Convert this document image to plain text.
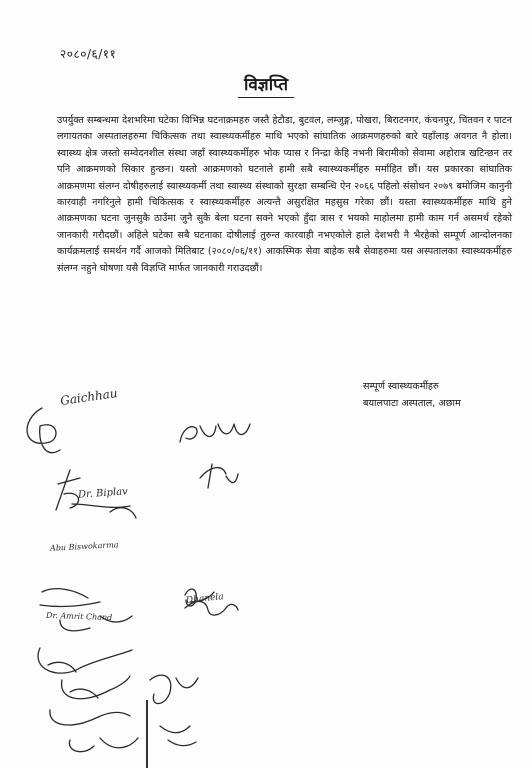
२०८०/६/११
विज्ञप्ति

उपर्युक्त सम्बन्धमा देशभरिमा घटेका विभिन्न घटनाक्रमहरु जस्तै हेटौडा, बुटवल, लम्जुङ्ग, पोखरा, बिराटनगर, कंचनपुर, चितवन र पाटन लगायतका अस्पतालहरुमा चिकित्सक तथा स्वास्थ्यकर्मीहरु माथि भएको सांघातिक आक्रमणहरुको बारे यहाँलाइ अवगत नै होला। स्वास्थ्य क्षेत्र जस्तो सम्वेदनशील संस्था जहाँ स्वास्थ्यकर्मीहरु भोक प्यास र निन्द्रा केहि नभनी बिरामीको सेवामा अहोरात्र खटिन्छन तर पनि आक्रमणको सिकार हुन्छन। यस्तो आक्रमणको घटनाले हामी सबै स्वास्थ्यकर्मीहरु मर्माहित छौं। यस प्रकारका सांघातिक आक्रमणमा संलग्न दोषीहरुलाई स्वास्थ्यकर्मी तथा स्वास्थ्य संस्थाको सुरक्षा सम्बन्धि ऐन २०६६ पहिलो संसोधन २०७९ बमोजिम कानुनी कारवाही नगरिनुले हामी चिकित्सक र स्वास्थ्यकर्मीहरु अत्यन्तै असुरक्षित महसुस गरेका छौं। यस्ता स्वास्थ्यकर्मीहरु माथि हुने आक्रमणका घटना जुनसुकै ठाउँमा जुनै सुकै बेला घटना सक्ने भएको हुँदा त्रास र भयको माहोलमा हामी काम गर्न असमर्थ रहेको जानकारी गरौदछौं। अहिले घटेका सबै घटनाका दोषीलाई तुरुन्त कारवाही नभएकोले हाले देशभरी नै भैरहेको सम्पूर्ण आन्दोलनका कार्यक्रमलाई समर्थन गर्दै आजको मितिबाट (२०८०/०६/११) आकस्मिक सेवा बाहेक सबै सेवाहरुमा यस अस्पतालका स्वास्थ्यकर्मीहरु संलग्न नहुने घोषणा यसै विज्ञप्ति मार्फत जानकारी गराउदछौं।

सम्पूर्ण स्वास्थ्यकर्मीहरु
बयालपाटा अस्पताल, अछाम
Gaichhau
Dr. Biplav
Abu Biswokarma
Dr. Amrit Chand
Dhanela
